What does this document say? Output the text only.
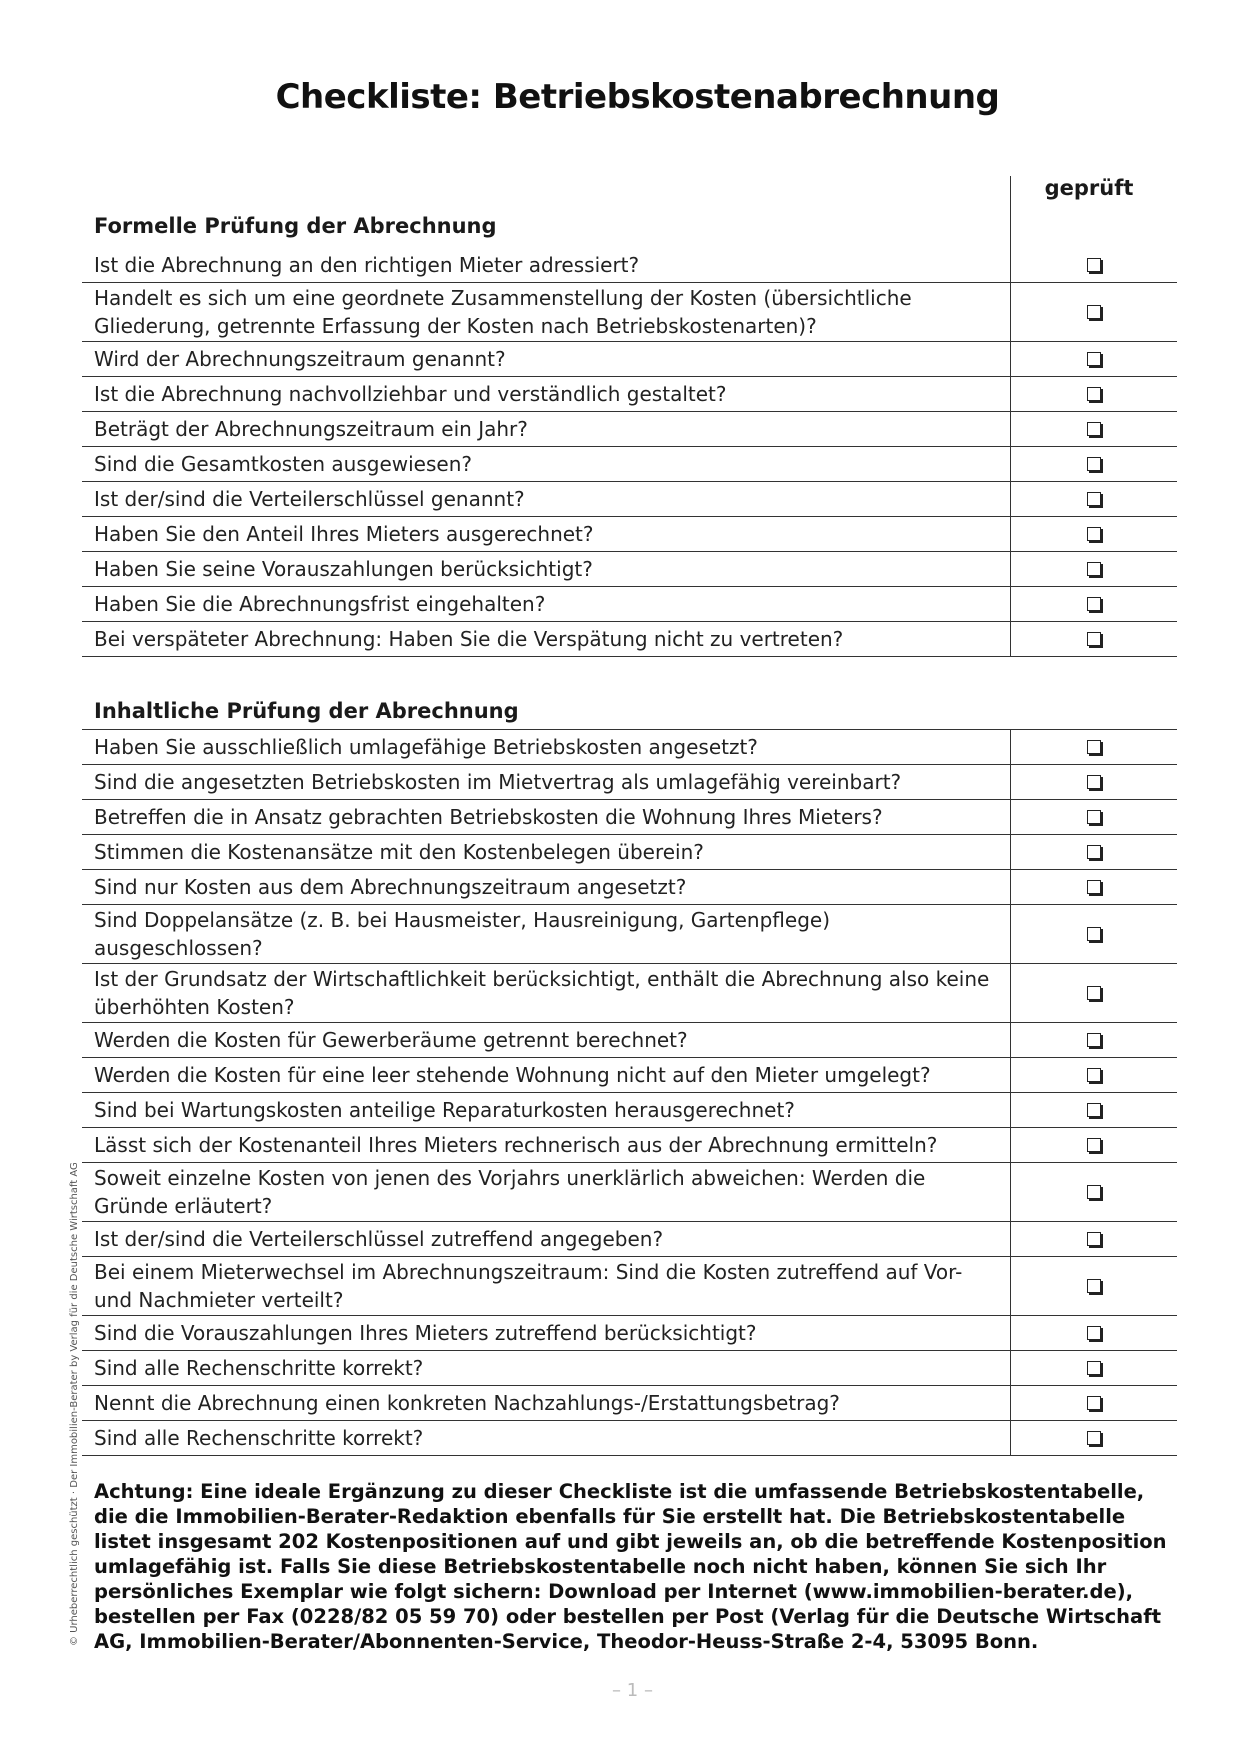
Checkliste: Betriebskostenabrechnung
geprüft
Formelle Prüfung der Abrechnung
Ist die Abrechnung an den richtigen Mieter adressiert?
Handelt es sich um eine geordnete Zusammenstellung der Kosten (übersichtliche Gliederung, getrennte Erfassung der Kosten nach Betriebskostenarten)?
Wird der Abrechnungszeitraum genannt?
Ist die Abrechnung nachvollziehbar und verständlich gestaltet?
Beträgt der Abrechnungszeitraum ein Jahr?
Sind die Gesamtkosten ausgewiesen?
Ist der/sind die Verteilerschlüssel genannt?
Haben Sie den Anteil Ihres Mieters ausgerechnet?
Haben Sie seine Vorauszahlungen berücksichtigt?
Haben Sie die Abrechnungsfrist eingehalten?
Bei verspäteter Abrechnung: Haben Sie die Verspätung nicht zu vertreten?
Inhaltliche Prüfung der Abrechnung
Haben Sie ausschließlich umlagefähige Betriebskosten angesetzt?
Sind die angesetzten Betriebskosten im Mietvertrag als umlagefähig vereinbart?
Betreffen die in Ansatz gebrachten Betriebskosten die Wohnung Ihres Mieters?
Stimmen die Kostenansätze mit den Kostenbelegen überein?
Sind nur Kosten aus dem Abrechnungszeitraum angesetzt?
Sind Doppelansätze (z. B. bei Hausmeister, Hausreinigung, Gartenpflege) ausgeschlossen?
Ist der Grundsatz der Wirtschaftlichkeit berücksichtigt, enthält die Abrechnung also keine überhöhten Kosten?
Werden die Kosten für Gewerberäume getrennt berechnet?
Werden die Kosten für eine leer stehende Wohnung nicht auf den Mieter umgelegt?
Sind bei Wartungskosten anteilige Reparaturkosten herausgerechnet?
Lässt sich der Kostenanteil Ihres Mieters rechnerisch aus der Abrechnung ermitteln?
Soweit einzelne Kosten von jenen des Vorjahrs unerklärlich abweichen: Werden die Gründe erläutert?
Ist der/sind die Verteilerschlüssel zutreffend angegeben?
Bei einem Mieterwechsel im Abrechnungszeitraum: Sind die Kosten zutreffend auf Vor- und Nachmieter verteilt?
Sind die Vorauszahlungen Ihres Mieters zutreffend berücksichtigt?
Sind alle Rechenschritte korrekt?
Nennt die Abrechnung einen konkreten Nachzahlungs-/Erstattungsbetrag?
Sind alle Rechenschritte korrekt?
Achtung: Eine ideale Ergänzung zu dieser Checkliste ist die umfassende Betriebskostentabelle, die die Immobilien-Berater-Redaktion ebenfalls für Sie erstellt hat. Die Betriebskostentabelle listet insgesamt 202 Kostenpositionen auf und gibt jeweils an, ob die betreffende Kostenposition umlagefähig ist. Falls Sie diese Betriebskostentabelle noch nicht haben, können Sie sich Ihr persönliches Exemplar wie folgt sichern: Download per Internet (www.immobilien-berater.de), bestellen per Fax (0228/82 05 59 70) oder bestellen per Post (Verlag für die Deutsche Wirtschaft AG, Immobilien-Berater/Abonnenten-Service, Theodor-Heuss-Straße 2-4, 53095 Bonn.
© Urheberrechtlich geschützt · Der Immobilien-Berater by Verlag für die Deutsche Wirtschaft AG
– 1 –
